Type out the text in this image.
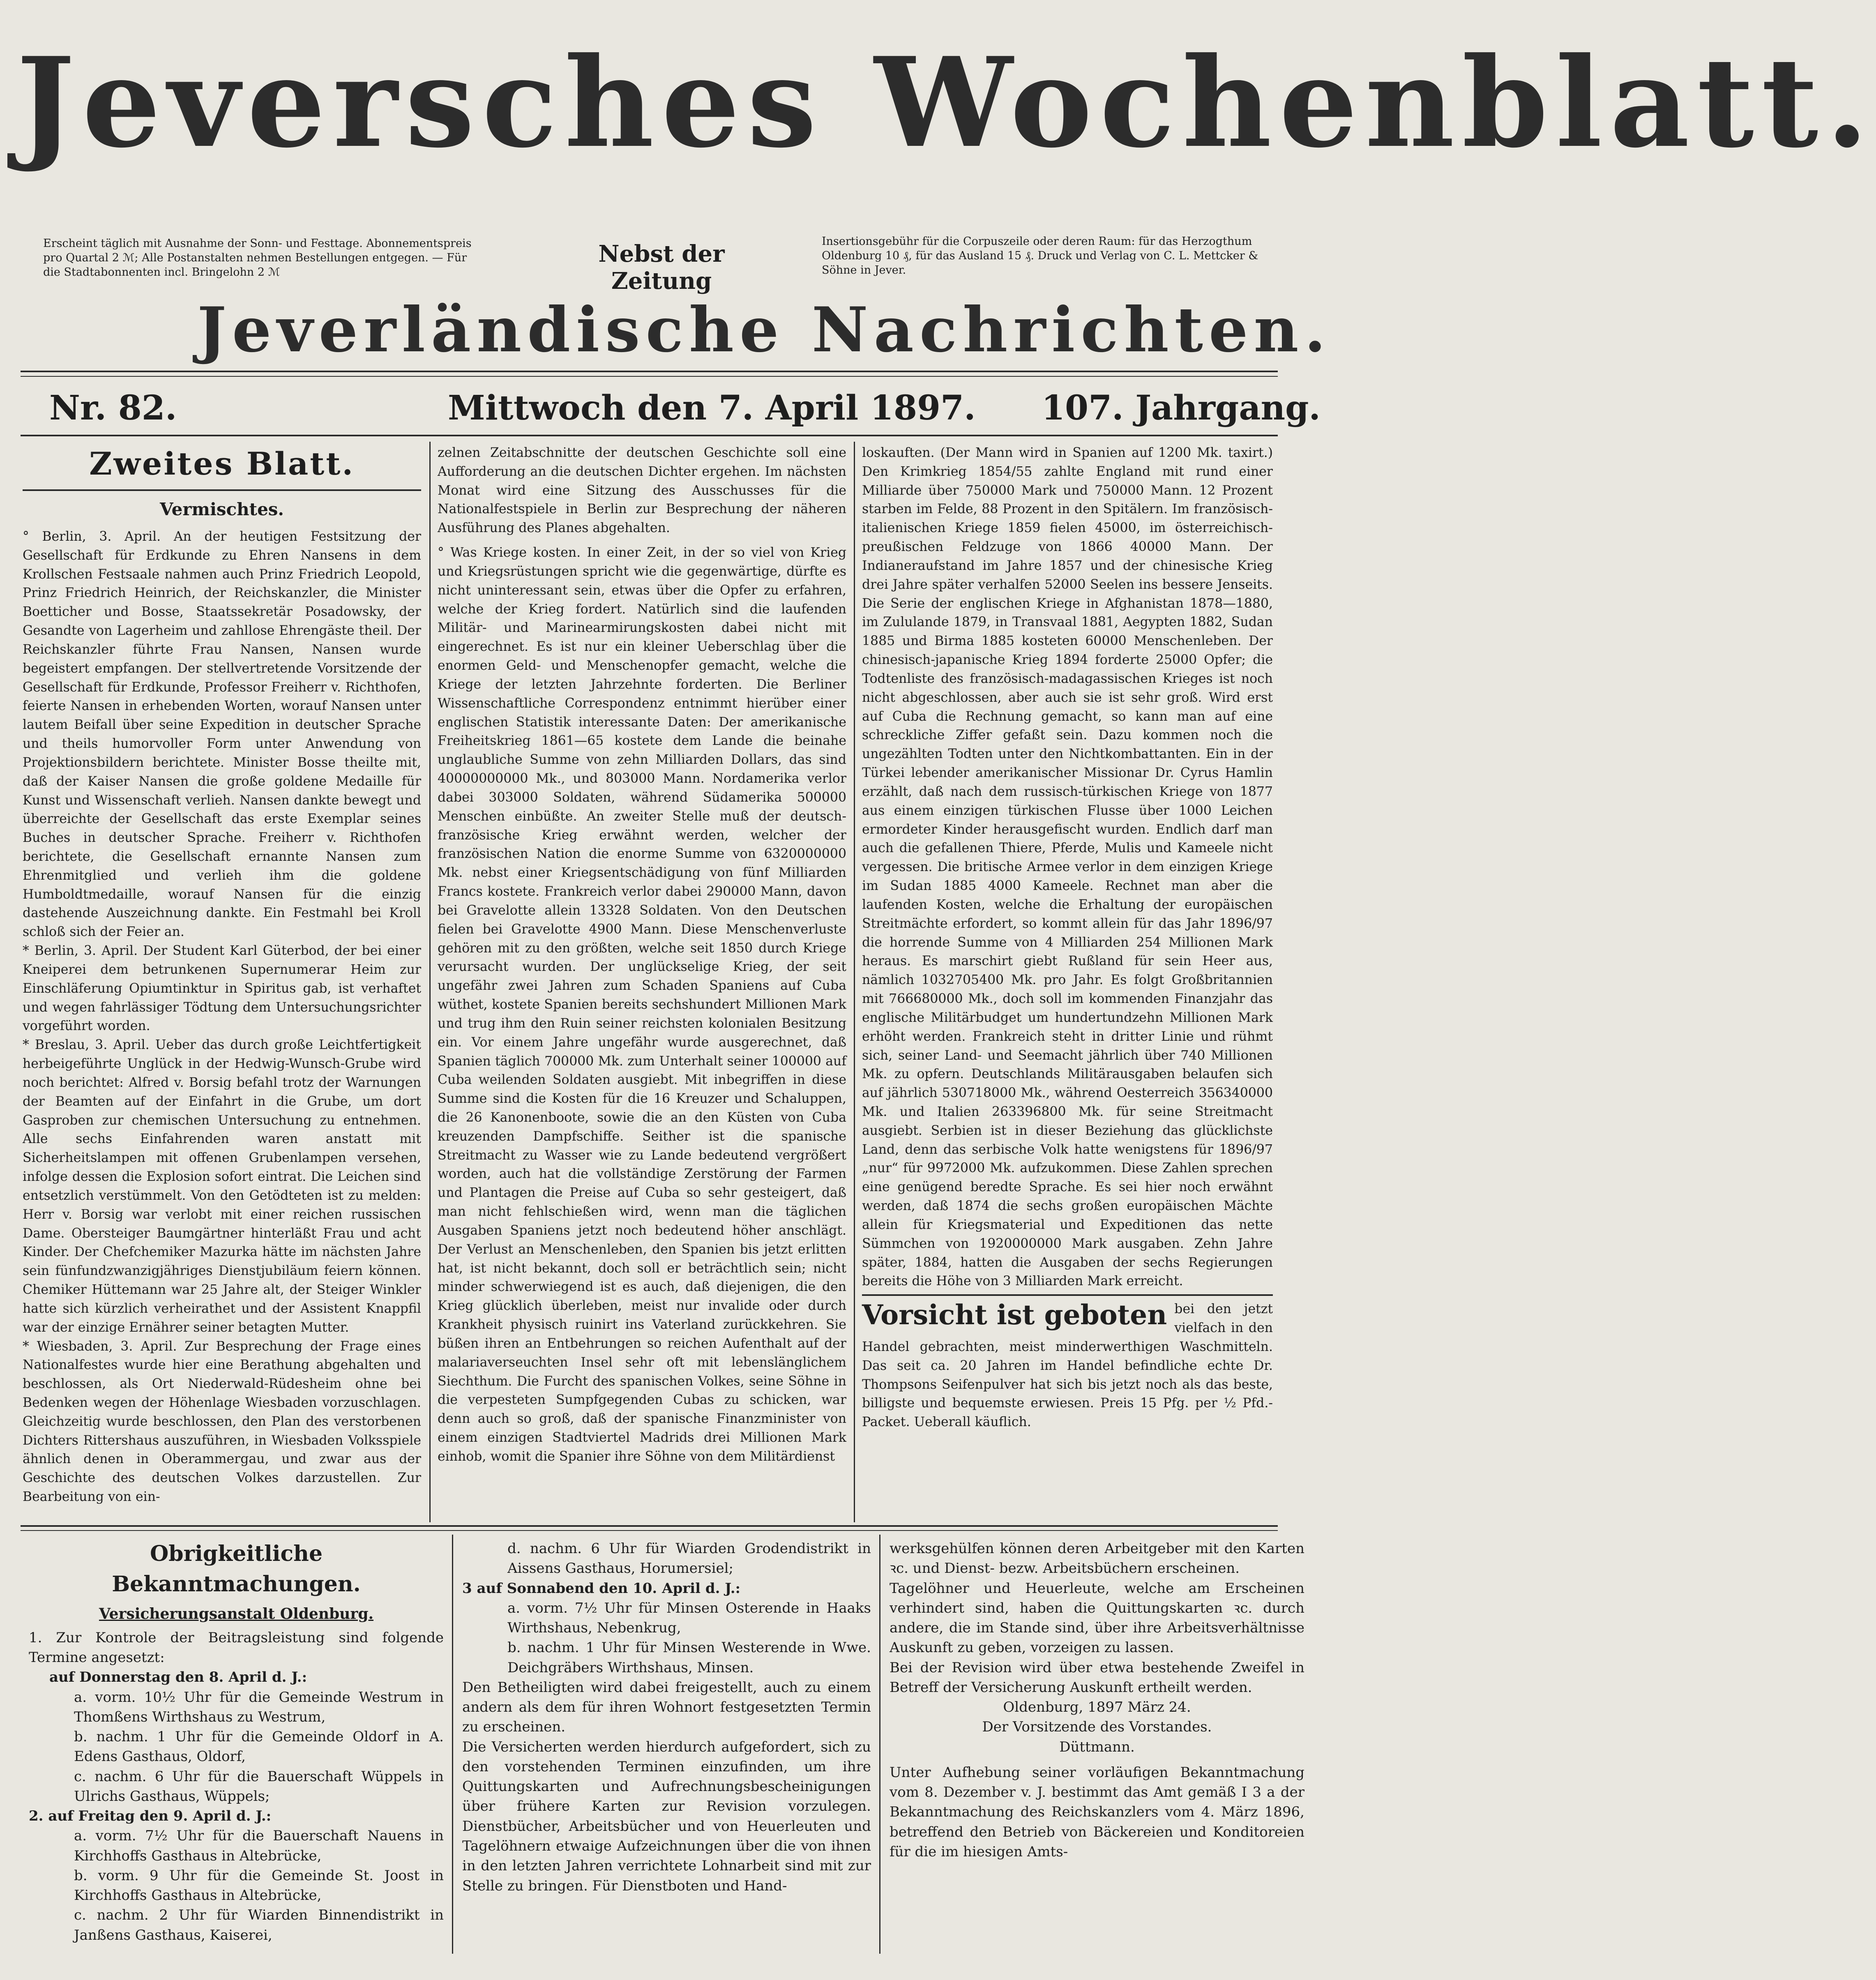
Jeversches Wochenblatt.
Erscheint täglich mit Ausnahme der Sonn- und Festtage. Abonnementspreis pro Quartal 2 ℳ; Alle Postanstalten nehmen Bestellungen entgegen. — Für die Stadtabonnenten incl. Bringelohn 2 ℳ
Nebst der Zeitung
Insertionsgebühr für die Corpuszeile oder deren Raum: für das Herzogthum Oldenburg 10 ₰, für das Ausland 15 ₰. Druck und Verlag von C. L. Mettcker & Söhne in Jever.
Jeverländische Nachrichten.
Nr. 82.	Mittwoch den 7. April 1897. 107. Jahrgang.
Zweites Blatt.
Vermischtes.

° Berlin, 3. April. An der heutigen Festsitzung der Gesellschaft für Erdkunde zu Ehren Nansens in dem Krollschen Festsaale nahmen auch Prinz Friedrich Leopold, Prinz Friedrich Heinrich, der Reichskanzler, die Minister Boetticher und Bosse, Staatssekretär Posadowsky, der Gesandte von Lagerheim und zahllose Ehrengäste theil. Der Reichskanzler führte Frau Nansen, Nansen wurde begeistert empfangen. Der stellvertretende Vorsitzende der Gesellschaft für Erdkunde, Professor Freiherr v. Richthofen, feierte Nansen in erhebenden Worten, worauf Nansen unter lautem Beifall über seine Expedition in deutscher Sprache und theils humorvoller Form unter Anwendung von Projektionsbildern berichtete. Minister Bosse theilte mit, daß der Kaiser Nansen die große goldene Medaille für Kunst und Wissenschaft verlieh. Nansen dankte bewegt und überreichte der Gesellschaft das erste Exemplar seines Buches in deutscher Sprache. Freiherr v. Richthofen berichtete, die Gesellschaft ernannte Nansen zum Ehrenmitglied und verlieh ihm die goldene Humboldtmedaille, worauf Nansen für die einzig dastehende Auszeichnung dankte. Ein Festmahl bei Kroll schloß sich der Feier an.

* Berlin, 3. April. Der Student Karl Güterbod, der bei einer Kneiperei dem betrunkenen Supernumerar Heim zur Einschläferung Opiumtinktur in Spiritus gab, ist verhaftet und wegen fahrlässiger Tödtung dem Untersuchungsrichter vorgeführt worden.

* Breslau, 3. April. Ueber das durch große Leichtfertigkeit herbeigeführte Unglück in der Hedwig-Wunsch-Grube wird noch berichtet: Alfred v. Borsig befahl trotz der Warnungen der Beamten auf der Einfahrt in die Grube, um dort Gasproben zur chemischen Untersuchung zu entnehmen. Alle sechs Einfahrenden waren anstatt mit Sicherheitslampen mit offenen Grubenlampen versehen, infolge dessen die Explosion sofort eintrat. Die Leichen sind entsetzlich verstümmelt. Von den Getödteten ist zu melden: Herr v. Borsig war verlobt mit einer reichen russischen Dame. Obersteiger Baumgärtner hinterläßt Frau und acht Kinder. Der Chefchemiker Mazurka hätte im nächsten Jahre sein fünfundzwanzigjähriges Dienstjubiläum feiern können. Chemiker Hüttemann war 25 Jahre alt, der Steiger Winkler hatte sich kürzlich verheirathet und der Assistent Knappfil war der einzige Ernährer seiner betagten Mutter.

* Wiesbaden, 3. April. Zur Besprechung der Frage eines Nationalfestes wurde hier eine Berathung abgehalten und beschlossen, als Ort Niederwald-Rüdesheim ohne bei Bedenken wegen der Höhenlage Wiesbaden vorzuschlagen. Gleichzeitig wurde beschlossen, den Plan des verstorbenen Dichters Rittershaus auszuführen, in Wiesbaden Volksspiele ähnlich denen in Oberammergau, und zwar aus der Geschichte des deutschen Volkes darzustellen. Zur Bearbeitung von ein-

zelnen Zeitabschnitte der deutschen Geschichte soll eine Aufforderung an die deutschen Dichter ergehen. Im nächsten Monat wird eine Sitzung des Ausschusses für die Nationalfestspiele in Berlin zur Besprechung der näheren Ausführung des Planes abgehalten.

° Was Kriege kosten. In einer Zeit, in der so viel von Krieg und Kriegsrüstungen spricht wie die gegenwärtige, dürfte es nicht uninteressant sein, etwas über die Opfer zu erfahren, welche der Krieg fordert. Natürlich sind die laufenden Militär- und Marinearmirungskosten dabei nicht mit eingerechnet. Es ist nur ein kleiner Ueberschlag über die enormen Geld- und Menschenopfer gemacht, welche die Kriege der letzten Jahrzehnte forderten. Die Berliner Wissenschaftliche Correspondenz entnimmt hierüber einer englischen Statistik interessante Daten: Der amerikanische Freiheitskrieg 1861—65 kostete dem Lande die beinahe unglaubliche Summe von zehn Milliarden Dollars, das sind 40000000000 Mk., und 803000 Mann. Nordamerika verlor dabei 303000 Soldaten, während Südamerika 500000 Menschen einbüßte. An zweiter Stelle muß der deutsch-französische Krieg erwähnt werden, welcher der französischen Nation die enorme Summe von 6320000000 Mk. nebst einer Kriegsentschädigung von fünf Milliarden Francs kostete. Frankreich verlor dabei 290000 Mann, davon bei Gravelotte allein 13328 Soldaten. Von den Deutschen fielen bei Gravelotte 4900 Mann. Diese Menschenverluste gehören mit zu den größten, welche seit 1850 durch Kriege verursacht wurden. Der unglückselige Krieg, der seit ungefähr zwei Jahren zum Schaden Spaniens auf Cuba wüthet, kostete Spanien bereits sechshundert Millionen Mark und trug ihm den Ruin seiner reichsten kolonialen Besitzung ein. Vor einem Jahre ungefähr wurde ausgerechnet, daß Spanien täglich 700000 Mk. zum Unterhalt seiner 100000 auf Cuba weilenden Soldaten ausgiebt. Mit inbegriffen in diese Summe sind die Kosten für die 16 Kreuzer und Schaluppen, die 26 Kanonenboote, sowie die an den Küsten von Cuba kreuzenden Dampfschiffe. Seither ist die spanische Streitmacht zu Wasser wie zu Lande bedeutend vergrößert worden, auch hat die vollständige Zerstörung der Farmen und Plantagen die Preise auf Cuba so sehr gesteigert, daß man nicht fehlschießen wird, wenn man die täglichen Ausgaben Spaniens jetzt noch bedeutend höher anschlägt. Der Verlust an Menschenleben, den Spanien bis jetzt erlitten hat, ist nicht bekannt, doch soll er beträchtlich sein; nicht minder schwerwiegend ist es auch, daß diejenigen, die den Krieg glücklich überleben, meist nur invalide oder durch Krankheit physisch ruinirt ins Vaterland zurückkehren. Sie büßen ihren an Entbehrungen so reichen Aufenthalt auf der malariaverseuchten Insel sehr oft mit lebenslänglichem Siechthum. Die Furcht des spanischen Volkes, seine Söhne in die verpesteten Sumpfgegenden Cubas zu schicken, war denn auch so groß, daß der spanische Finanzminister von einem einzigen Stadtviertel Madrids drei Millionen Mark einhob, womit die Spanier ihre Söhne von dem Militärdienst

loskauften. (Der Mann wird in Spanien auf 1200 Mk. taxirt.) Den Krimkrieg 1854/55 zahlte England mit rund einer Milliarde über 750000 Mark und 750000 Mann. 12 Prozent starben im Felde, 88 Prozent in den Spitälern. Im französisch-italienischen Kriege 1859 fielen 45000, im österreichisch-preußischen Feldzuge von 1866 40000 Mann. Der Indianeraufstand im Jahre 1857 und der chinesische Krieg drei Jahre später verhalfen 52000 Seelen ins bessere Jenseits. Die Serie der englischen Kriege in Afghanistan 1878—1880, im Zululande 1879, in Transvaal 1881, Aegypten 1882, Sudan 1885 und Birma 1885 kosteten 60000 Menschenleben. Der chinesisch-japanische Krieg 1894 forderte 25000 Opfer; die Todtenliste des französisch-madagassischen Krieges ist noch nicht abgeschlossen, aber auch sie ist sehr groß. Wird erst auf Cuba die Rechnung gemacht, so kann man auf eine schreckliche Ziffer gefaßt sein. Dazu kommen noch die ungezählten Todten unter den Nichtkombattanten. Ein in der Türkei lebender amerikanischer Missionar Dr. Cyrus Hamlin erzählt, daß nach dem russisch-türkischen Kriege von 1877 aus einem einzigen türkischen Flusse über 1000 Leichen ermordeter Kinder herausgefischt wurden. Endlich darf man auch die gefallenen Thiere, Pferde, Mulis und Kameele nicht vergessen. Die britische Armee verlor in dem einzigen Kriege im Sudan 1885 4000 Kameele. Rechnet man aber die laufenden Kosten, welche die Erhaltung der europäischen Streitmächte erfordert, so kommt allein für das Jahr 1896/97 die horrende Summe von 4 Milliarden 254 Millionen Mark heraus. Es marschirt giebt Rußland für sein Heer aus, nämlich 1032705400 Mk. pro Jahr. Es folgt Großbritannien mit 766680000 Mk., doch soll im kommenden Finanzjahr das englische Militärbudget um hundertundzehn Millionen Mark erhöht werden. Frankreich steht in dritter Linie und rühmt sich, seiner Land- und Seemacht jährlich über 740 Millionen Mk. zu opfern. Deutschlands Militärausgaben belaufen sich auf jährlich 530718000 Mk., während Oesterreich 356340000 Mk. und Italien 263396800 Mk. für seine Streitmacht ausgiebt. Serbien ist in dieser Beziehung das glücklichste Land, denn das serbische Volk hatte wenigstens für 1896/97 „nur“ für 9972000 Mk. aufzukommen. Diese Zahlen sprechen eine genügend beredte Sprache. Es sei hier noch erwähnt werden, daß 1874 die sechs großen europäischen Mächte allein für Kriegsmaterial und Expeditionen das nette Sümmchen von 1920000000 Mark ausgaben. Zehn Jahre später, 1884, hatten die Ausgaben der sechs Regierungen bereits die Höhe von 3 Milliarden Mark erreicht.

Vorsicht ist geboten bei den jetzt vielfach in den Handel gebrachten, meist minderwerthigen Waschmitteln. Das seit ca. 20 Jahren im Handel befindliche echte Dr. Thompsons Seifenpulver hat sich bis jetzt noch als das beste, billigste und bequemste erwiesen. Preis 15 Pfg. per ½ Pfd.-Packet. Ueberall käuflich.
Obrigkeitliche Bekanntmachungen.
Versicherungsanstalt Oldenburg.

1. Zur Kontrole der Beitragsleistung sind folgende Termine angesetzt:

auf Donnerstag den 8. April d. J.:

a. vorm. 10½ Uhr für die Gemeinde Westrum in Thomßens Wirthshaus zu Westrum,

b. nachm. 1 Uhr für die Gemeinde Oldorf in A. Edens Gasthaus, Oldorf,

c. nachm. 6 Uhr für die Bauerschaft Wüppels in Ulrichs Gasthaus, Wüppels;

2. auf Freitag den 9. April d. J.:

a. vorm. 7½ Uhr für die Bauerschaft Nauens in Kirchhoffs Gasthaus in Altebrücke,

b. vorm. 9 Uhr für die Gemeinde St. Joost in Kirchhoffs Gasthaus in Altebrücke,

c. nachm. 2 Uhr für Wiarden Binnendistrikt in Janßens Gasthaus, Kaiserei,

d. nachm. 6 Uhr für Wiarden Grodendistrikt in Aissens Gasthaus, Horumersiel;

3 auf Sonnabend den 10. April d. J.:

a. vorm. 7½ Uhr für Minsen Osterende in Haaks Wirthshaus, Nebenkrug,

b. nachm. 1 Uhr für Minsen Westerende in Wwe. Deichgräbers Wirthshaus, Minsen.

Den Betheiligten wird dabei freigestellt, auch zu einem andern als dem für ihren Wohnort festgesetzten Termin zu erscheinen.

Die Versicherten werden hierdurch aufgefordert, sich zu den vorstehenden Terminen einzufinden, um ihre Quittungskarten und Aufrechnungsbescheinigungen über frühere Karten zur Revision vorzulegen. Dienstbücher, Arbeitsbücher und von Heuerleuten und Tagelöhnern etwaige Aufzeichnungen über die von ihnen in den letzten Jahren verrichtete Lohnarbeit sind mit zur Stelle zu bringen. Für Dienstboten und Hand-

werksgehülfen können deren Arbeitgeber mit den Karten ꝛc. und Dienst- bezw. Arbeitsbüchern erscheinen.

Tagelöhner und Heuerleute, welche am Erscheinen verhindert sind, haben die Quittungskarten ꝛc. durch andere, die im Stande sind, über ihre Arbeitsverhältnisse Auskunft zu geben, vorzeigen zu lassen.

Bei der Revision wird über etwa bestehende Zweifel in Betreff der Versicherung Auskunft ertheilt werden.

Oldenburg, 1897 März 24.

Der Vorsitzende des Vorstandes.

Düttmann.

Unter Aufhebung seiner vorläufigen Bekanntmachung vom 8. Dezember v. J. bestimmt das Amt gemäß I 3 a der Bekanntmachung des Reichskanzlers vom 4. März 1896, betreffend den Betrieb von Bäckereien und Konditoreien für die im hiesigen Amts-
